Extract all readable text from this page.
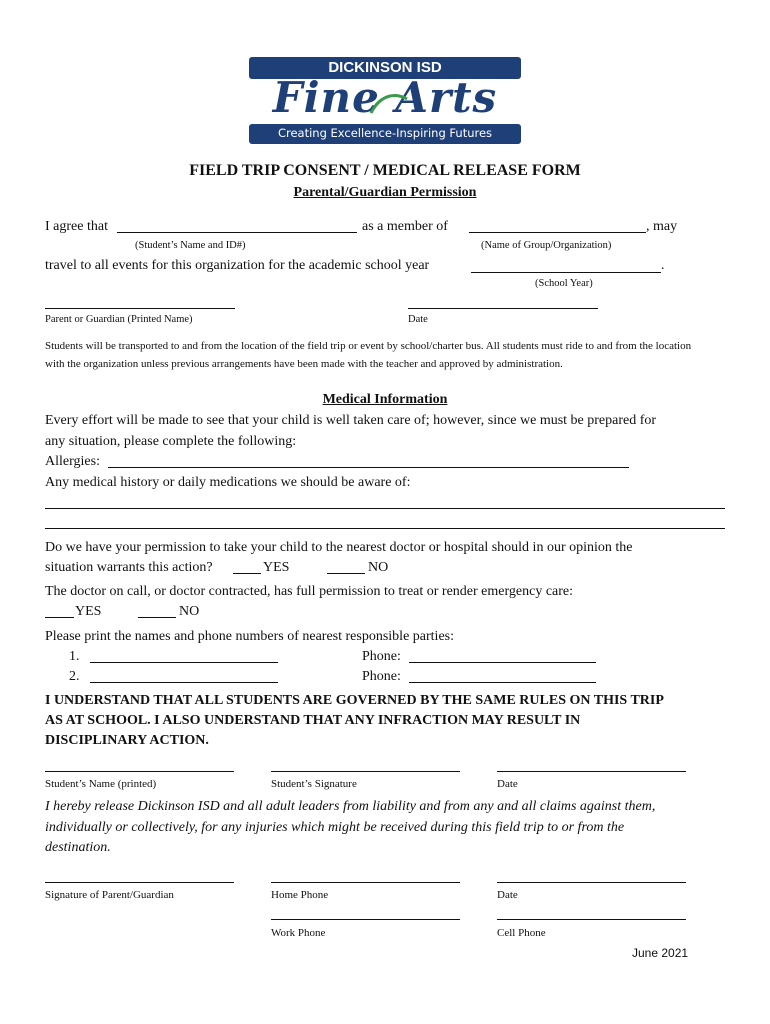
DICKINSON ISD
Fine Arts
Creating Excellence-Inspiring Futures
FIELD TRIP CONSENT / MEDICAL RELEASE FORM
Parental/Guardian Permission
I agree that	as a member of	, may
(Student’s Name and ID#)	(Name of Group/Organization)
travel to all events for this organization for the academic school year	.
(School Year)
Parent or Guardian (Printed Name)	Date
Students will be transported to and from the location of the field trip or event by school/charter bus. All students must ride to and from the location with the organization unless previous arrangements have been made with the teacher and approved by administration.
Medical Information
Every effort will be made to see that your child is well taken care of; however, since we must be prepared for
any situation, please complete the following:
Allergies:
Any medical history or daily medications we should be aware of:
Do we have your permission to take your child to the nearest doctor or hospital should in our opinion the
situation warrants this action?	YES	NO
The doctor on call, or doctor contracted, has full permission to treat or render emergency care:
YES	NO
Please print the names and phone numbers of nearest responsible parties:
1.	Phone:
2.	Phone:
I UNDERSTAND THAT ALL STUDENTS ARE GOVERNED BY THE SAME RULES ON THIS TRIP
AS AT SCHOOL. I ALSO UNDERSTAND THAT ANY INFRACTION MAY RESULT IN
DISCIPLINARY ACTION.
Student’s Name (printed)	Student’s Signature	Date
I hereby release Dickinson ISD and all adult leaders from liability and from any and all claims against them,
individually or collectively, for any injuries which might be received during this field trip to or from the
destination.
Signature of Parent/Guardian	Home Phone	Date
Work Phone	Cell Phone
June 2021
